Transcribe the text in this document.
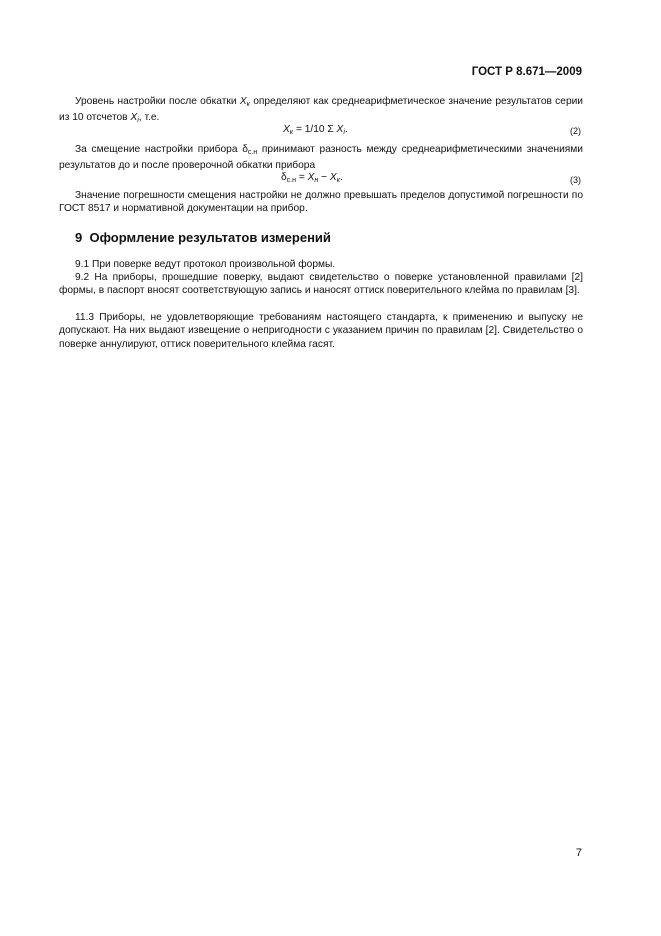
ГОСТ Р 8.671—2009
Уровень настройки после обкатки $X_к$ определяют как среднеарифметическое значение результатов серии из 10 отсчетов $X_i$, т.е.
$X_к = 1/10$ Σ $X_i$.	(2)
За смещение настройки прибора $\delta_{с.н}$ принимают разность между среднеарифметическими значениями результатов до и после проверочной обкатки прибора
$\delta_{с.н} = X_н - X_к$.	(3)
Значение погрешности смещения настройки не должно превышать пределов допустимой погрешности по ГОСТ 8517 и нормативной документации на прибор.
9 Оформление результатов измерений
9.1 При поверке ведут протокол произвольной формы.
9.2 На приборы, прошедшие поверку, выдают свидетельство о поверке установленной правилами [2] формы, в паспорт вносят соответствующую запись и наносят оттиск поверительного клейма по правилам [3].
11.3 Приборы, не удовлетворяющие требованиям настоящего стандарта, к применению и выпуску не допускают. На них выдают извещение о непригодности с указанием причин по правилам [2]. Свидетельство о поверке аннулируют, оттиск поверительного клейма гасят.
7
